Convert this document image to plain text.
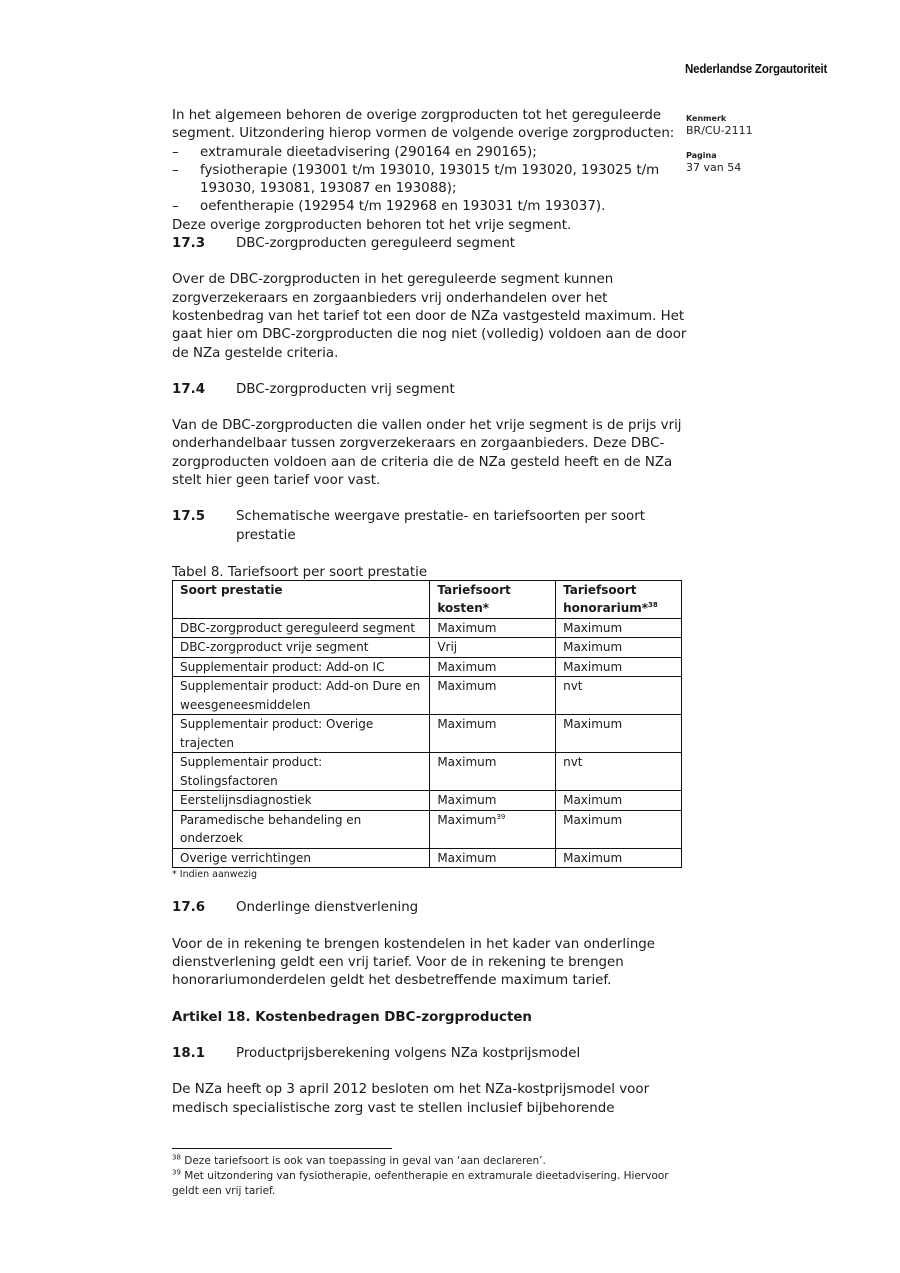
Nederlandse Zorgautoriteit
Kenmerk
BR/CU-2111
Pagina
37 van 54

In het algemeen behoren de overige zorgproducten tot het gereguleerde segment. Uitzondering hierop vormen de volgende overige zorgproducten:

–	extramurale dieetadvisering (290164 en 290165);
–	fysiotherapie (193001 t/m 193010, 193015 t/m 193020, 193025 t/m 193030, 193081, 193087 en 193088);
–	oefentherapie (192954 t/m 192968 en 193031 t/m 193037).

Deze overige zorgproducten behoren tot het vrije segment.

17.3	DBC-zorgproducten gereguleerd segment

Over de DBC-zorgproducten in het gereguleerde segment kunnen zorgverzekeraars en zorgaanbieders vrij onderhandelen over het kostenbedrag van het tarief tot een door de NZa vastgesteld maximum. Het gaat hier om DBC-zorgproducten die nog niet (volledig) voldoen aan de door de NZa gestelde criteria.

17.4	DBC-zorgproducten vrij segment

Van de DBC-zorgproducten die vallen onder het vrije segment is de prijs vrij onderhandelbaar tussen zorgverzekeraars en zorgaanbieders. Deze DBC-zorgproducten voldoen aan de criteria die de NZa gesteld heeft en de NZa stelt hier geen tarief voor vast.

17.5	Schematische weergave prestatie- en tariefsoorten per soort prestatie

Tabel 8. Tariefsoort per soort prestatie

Soort prestatie	Tariefsoort kosten*	Tariefsoort honorarium*$^{38}$
DBC-zorgproduct gereguleerd segment	Maximum	Maximum
DBC-zorgproduct vrije segment	Vrij	Maximum
Supplementair product: Add-on IC	Maximum	Maximum
Supplementair product: Add-on Dure en weesgeneesmiddelen	Maximum	nvt
Supplementair product: Overige trajecten	Maximum	Maximum
Supplementair product: Stolingsfactoren	Maximum	nvt
Eerstelijnsdiagnostiek	Maximum	Maximum
Paramedische behandeling en onderzoek	Maximum$^{39}$	Maximum
Overige verrichtingen	Maximum	Maximum

* Indien aanwezig

17.6	Onderlinge dienstverlening

Voor de in rekening te brengen kostendelen in het kader van onderlinge dienstverlening geldt een vrij tarief. Voor de in rekening te brengen honorariumonderdelen geldt het desbetreffende maximum tarief.

Artikel 18. Kostenbedragen DBC-zorgproducten

18.1	Productprijsberekening volgens NZa kostprijsmodel

De NZa heeft op 3 april 2012 besloten om het NZa-kostprijsmodel voor medisch specialistische zorg vast te stellen inclusief bijbehorende

$^{38}$ Deze tariefsoort is ook van toepassing in geval van ‘aan declareren’.

$^{39}$ Met uitzondering van fysiotherapie, oefentherapie en extramurale dieetadvisering. Hiervoor geldt een vrij tarief.
